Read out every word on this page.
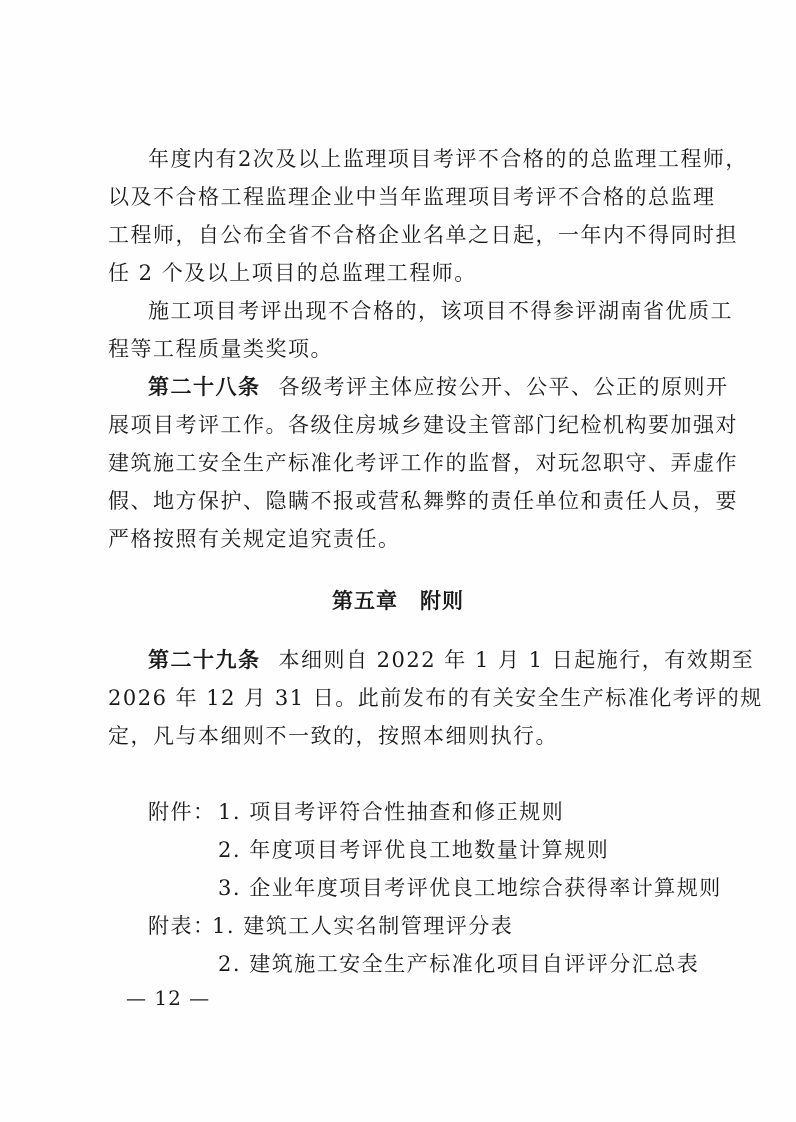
年度内有2次及以上监理项目考评不合格的的总监理工程师，
以及不合格工程监理企业中当年监理项目考评不合格的总监理
工程师，自公布全省不合格企业名单之日起，一年内不得同时担
任 2 个及以上项目的总监理工程师。
施工项目考评出现不合格的，该项目不得参评湖南省优质工
程等工程质量类奖项。
第二十八条 各级考评主体应按公开、公平、公正的原则开
展项目考评工作。各级住房城乡建设主管部门纪检机构要加强对
建筑施工安全生产标准化考评工作的监督，对玩忽职守、弄虚作
假、地方保护、隐瞒不报或营私舞弊的责任单位和责任人员，要
严格按照有关规定追究责任。
第五章　附则
第二十九条 本细则自 2022 年 1 月 1 日起施行，有效期至
2026 年 12 月 31 日。此前发布的有关安全生产标准化考评的规
定，凡与本细则不一致的，按照本细则执行。
附件： 1. 项目考评符合性抽查和修正规则
2. 年度项目考评优良工地数量计算规则
3. 企业年度项目考评优良工地综合获得率计算规则
附表：
1. 建筑工人实名制管理评分表
2. 建筑施工安全生产标准化项目自评评分汇总表
— 12 —
